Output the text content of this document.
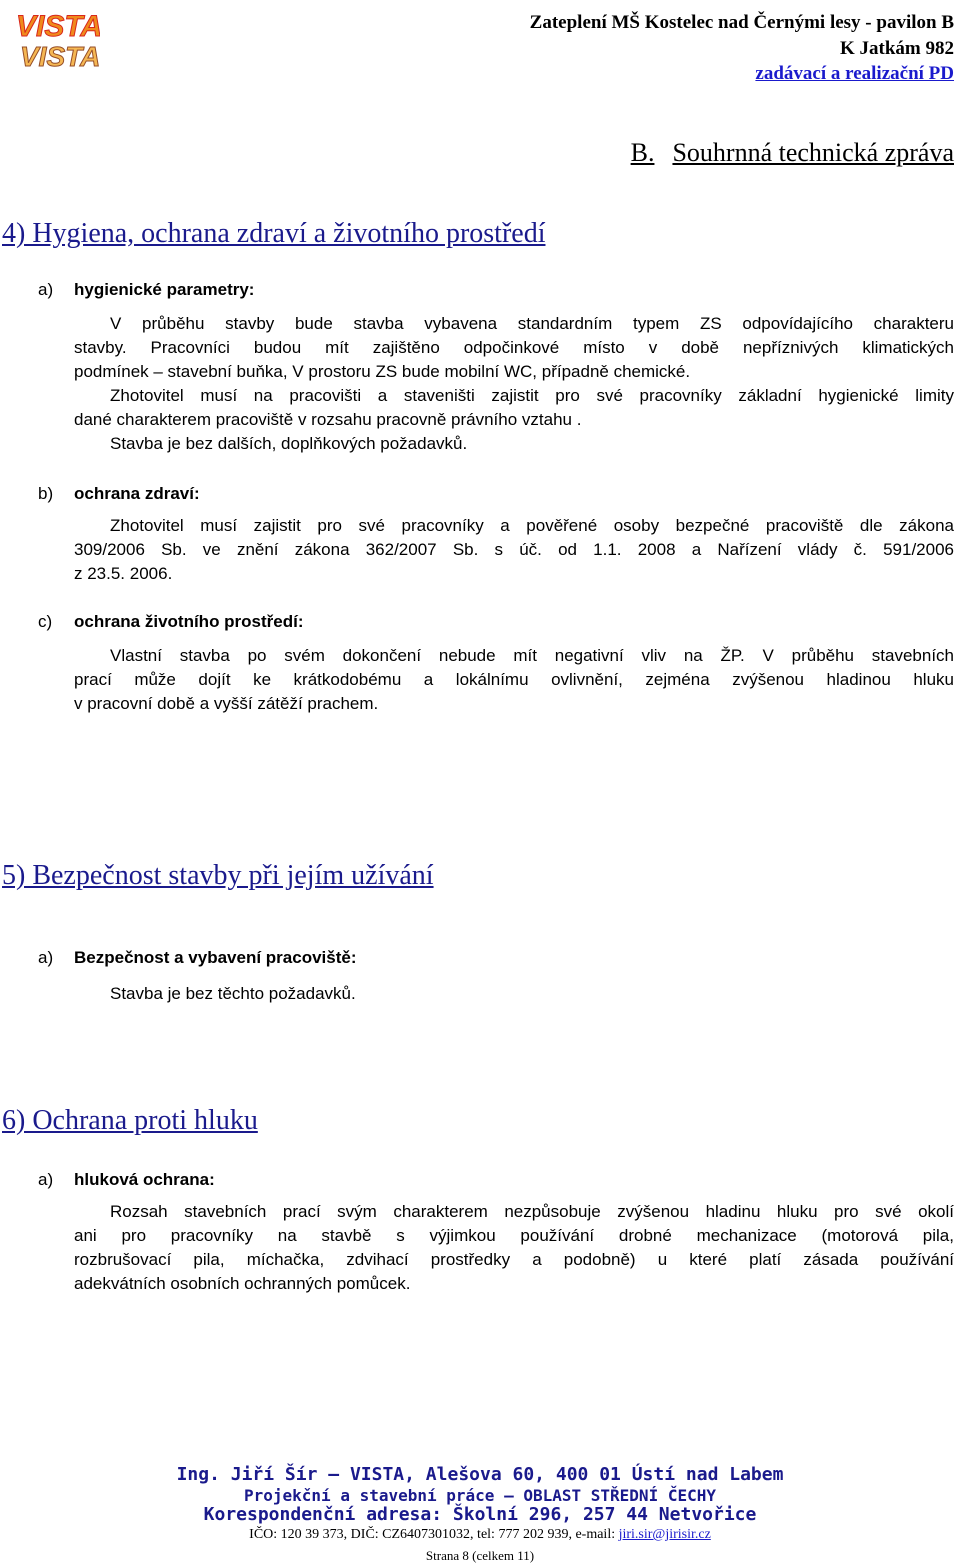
VISTA
VISTA
Zateplení MŠ Kostelec nad Černými lesy - pavilon B
K Jatkám 982
zadávací a realizační PD
B. Souhrnná technická zpráva
4) Hygiena, ochrana zdraví a životního prostředí
a) hygienické parametry:
V průběhu stavby bude stavba vybavena standardním typem ZS odpovídajícího charakteru
stavby. Pracovníci budou mít zajištěno odpočinkové místo v době nepříznivých klimatických
podmínek – stavební buňka, V prostoru ZS bude mobilní WC, případně chemické.
Zhotovitel musí na pracovišti a staveništi zajistit pro své pracovníky základní hygienické limity
dané charakterem pracoviště v rozsahu pracovně právního vztahu .
Stavba je bez dalších, doplňkových požadavků.
b) ochrana zdraví:
Zhotovitel musí zajistit pro své pracovníky a pověřené osoby bezpečné pracoviště dle zákona
309/2006 Sb. ve znění zákona 362/2007 Sb. s úč. od 1.1. 2008 a Nařízení vlády č. 591/2006
z 23.5. 2006.
c) ochrana životního prostředí:
Vlastní stavba po svém dokončení nebude mít negativní vliv na ŽP. V průběhu stavebních
prací může dojít ke krátkodobému a lokálnímu ovlivnění, zejména zvýšenou hladinou hluku
v pracovní době a vyšší zátěží prachem.
5) Bezpečnost stavby při jejím užívání
a) Bezpečnost a vybavení pracoviště:
Stavba je bez těchto požadavků.
6) Ochrana proti hluku
a) hluková ochrana:
Rozsah stavebních prací svým charakterem nezpůsobuje zvýšenou hladinu hluku pro své okolí
ani pro pracovníky na stavbě s výjimkou používání drobné mechanizace (motorová pila,
rozbrušovací pila, míchačka, zdvihací prostředky a podobně) u které platí zásada používání
adekvátních osobních ochranných pomůcek.
Ing. Jiří Šír – VISTA, Alešova 60, 400 01 Ústí nad Labem
Projekční a stavební práce – OBLAST STŘEDNÍ ČECHY
Korespondenční adresa: Školní 296, 257 44 Netvořice
IČO: 120 39 373, DIČ: CZ6407301032, tel: 777 202 939, e-mail: jiri.sir@jirisir.cz
Strana 8 (celkem 11)
